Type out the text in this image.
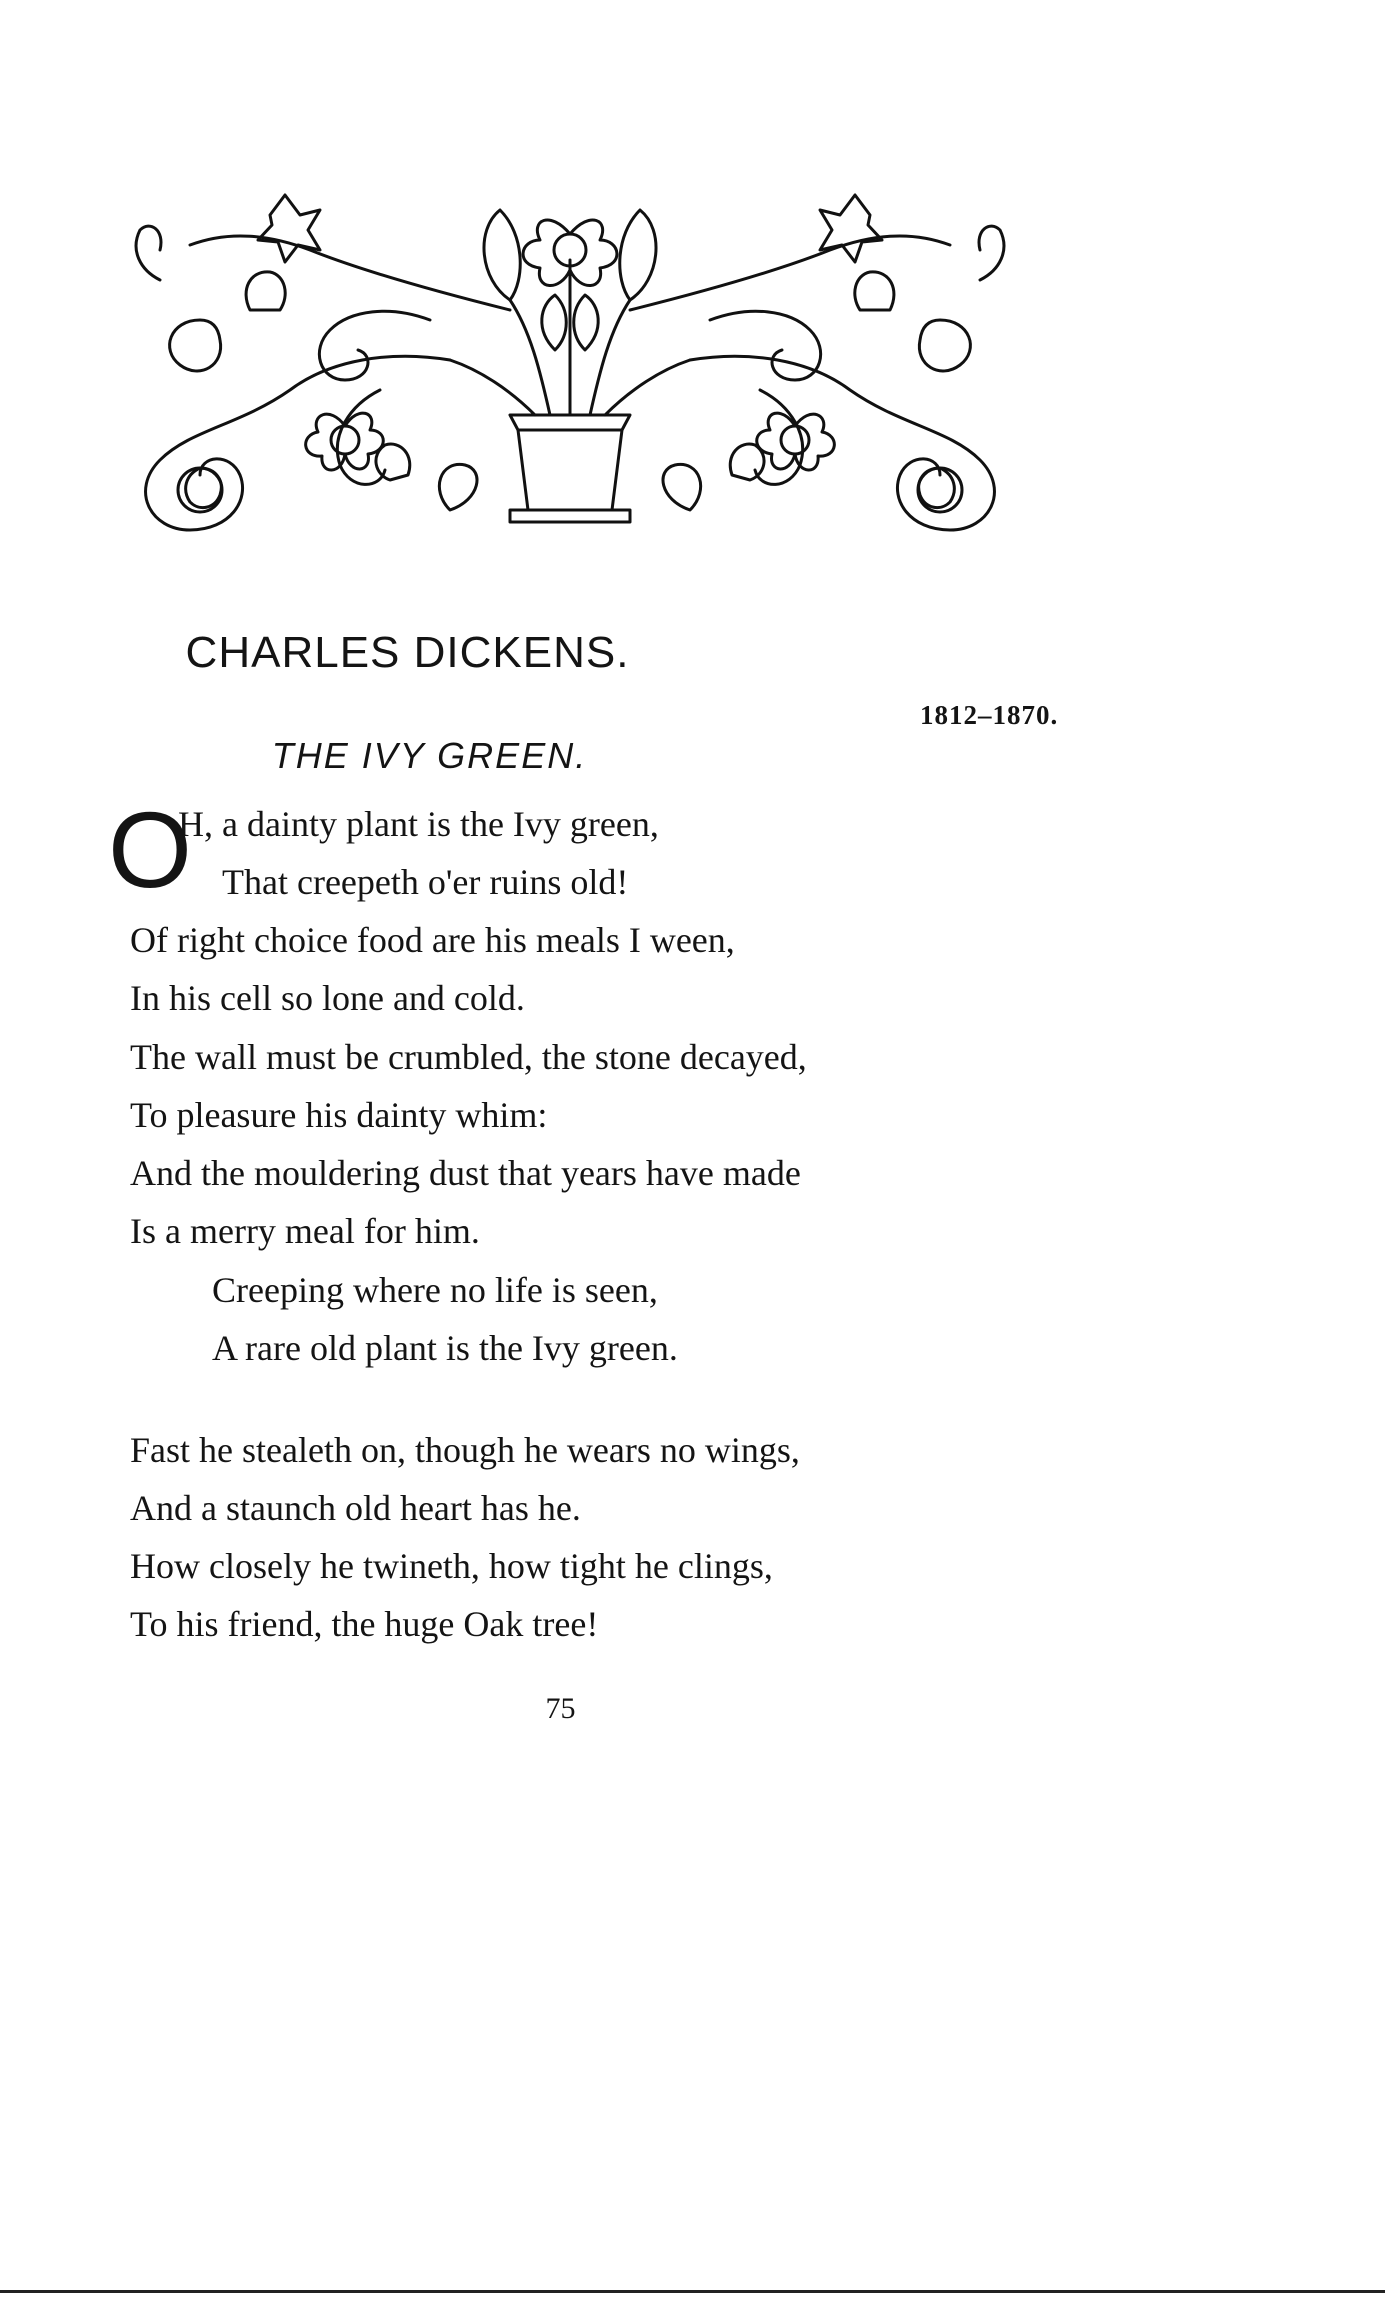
CHARLES DICKENS.
1812–1870.
THE IVY GREEN.
O
H, a dainty plant is the Ivy green,
That creepeth o'er ruins old!
Of right choice food are his meals I ween,
In his cell so lone and cold.
The wall must be crumbled, the stone decayed,
To pleasure his dainty whim:
And the mouldering dust that years have made
Is a merry meal for him.
Creeping where no life is seen,
A rare old plant is the Ivy green.
Fast he stealeth on, though he wears no wings,
And a staunch old heart has he.
How closely he twineth, how tight he clings,
To his friend, the huge Oak tree!
75
